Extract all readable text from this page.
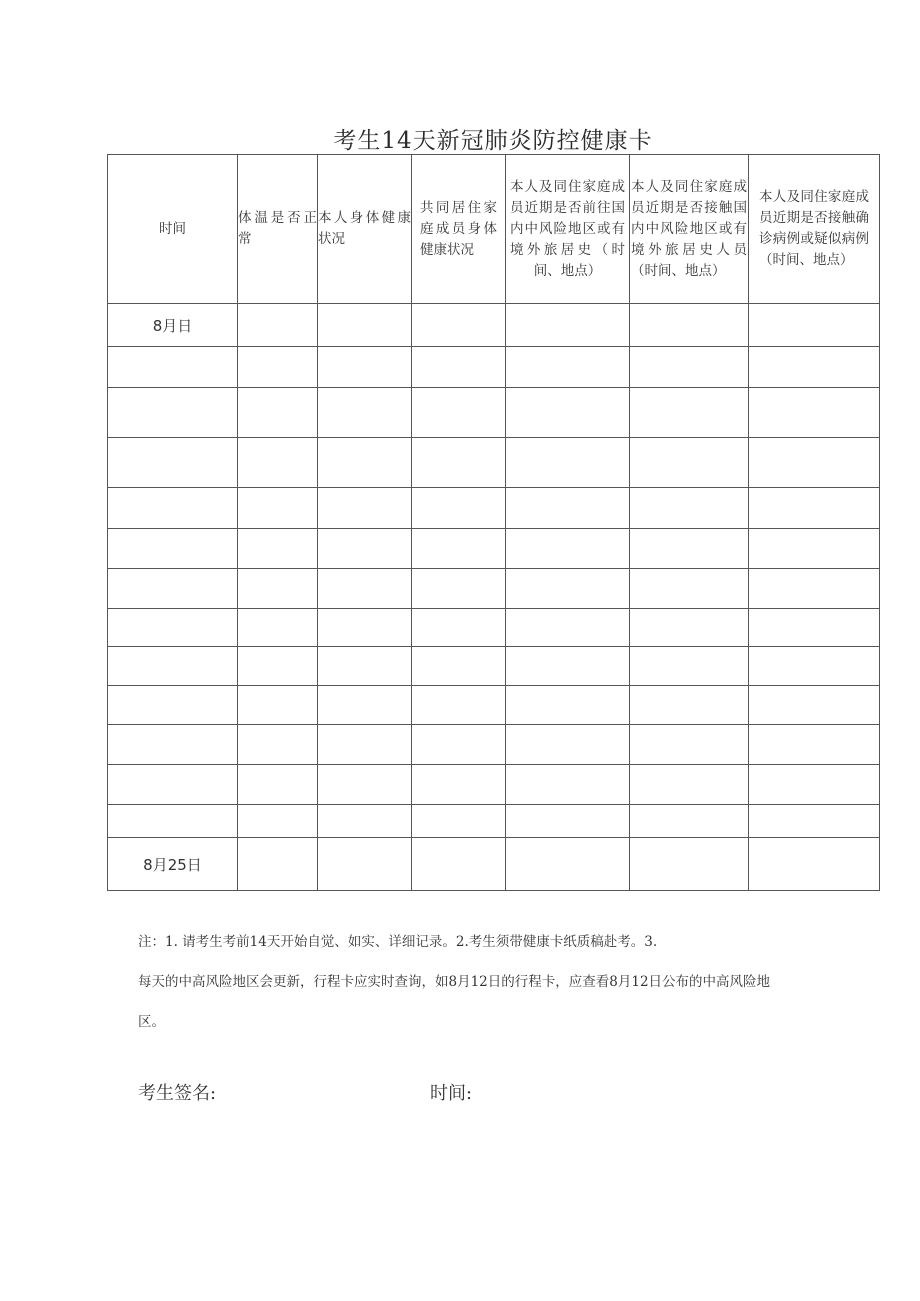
考生14天新冠肺炎防控健康卡
时间	体温是否正常	本人身体健康状况	共同居住家庭成员身体健康状况	本人及同住家庭成员近期是否前往国内中风险地区或有境外旅居史（时间、地点）	本人及同住家庭成员近期是否接触国内中风险地区或有境外旅居史人员（时间、地点）	本人及同住家庭成员近期是否接触确诊病例或疑似病例（时间、地点）

8月日						

8月25日						

注：1. 请考生考前14天开始自觉、如实、详细记录。2.考生须带健康卡纸质稿赴考。3.

每天的中高风险地区会更新，行程卡应实时查询，如8月12日的行程卡，应查看8月12日公布的中高风险地

区。

考生签名:	时间:
